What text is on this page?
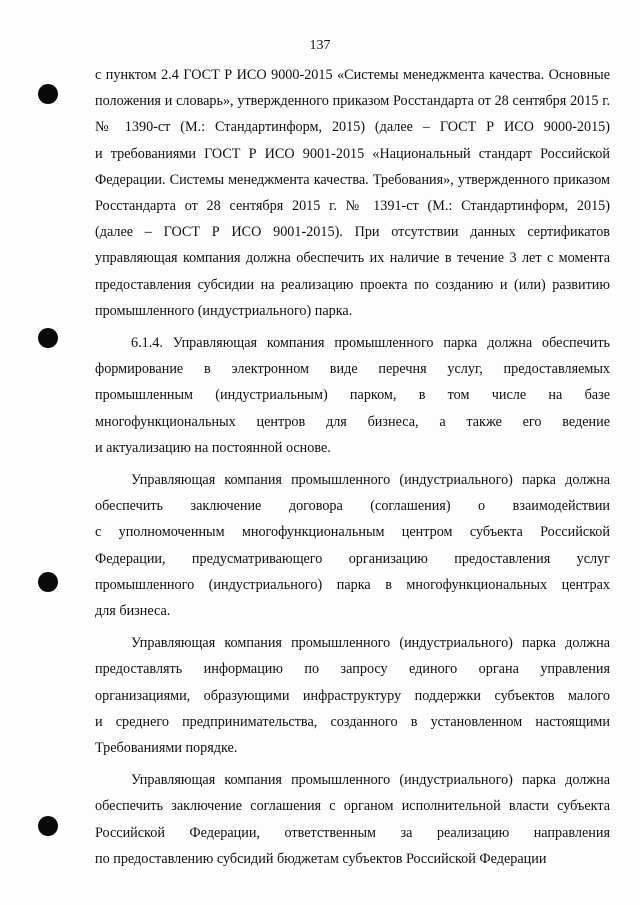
137

с пунктом 2.4 ГОСТ Р ИСО 9000-2015 «Системы менеджмента качества. Основные

положения и словарь», утвержденного приказом Росстандарта от 28 сентября 2015 г.

№ 1390-ст (М.: Стандартинформ, 2015) (далее – ГОСТ Р ИСО 9000-2015)

и требованиями ГОСТ Р ИСО 9001-2015 «Национальный стандарт Российской

Федерации. Системы менеджмента качества. Требования», утвержденного приказом

Росстандарта от 28 сентября 2015 г. № 1391-ст (М.: Стандартинформ, 2015)

(далее – ГОСТ Р ИСО 9001-2015). При отсутствии данных сертификатов

управляющая компания должна обеспечить их наличие в течение 3 лет с момента

предоставления субсидии на реализацию проекта по созданию и (или) развитию

промышленного (индустриального) парка.

6.1.4. Управляющая компания промышленного парка должна обеспечить

формирование в электронном виде перечня услуг, предоставляемых

промышленным (индустриальным) парком, в том числе на базе

многофункциональных центров для бизнеса, а также его ведение

и актуализацию на постоянной основе.

Управляющая компания промышленного (индустриального) парка должна

обеспечить заключение договора (соглашения) о взаимодействии

с уполномоченным многофункциональным центром субъекта Российской

Федерации, предусматривающего организацию предоставления услуг

промышленного (индустриального) парка в многофункциональных центрах

для бизнеса.

Управляющая компания промышленного (индустриального) парка должна

предоставлять информацию по запросу единого органа управления

организациями, образующими инфраструктуру поддержки субъектов малого

и среднего предпринимательства, созданного в установленном настоящими

Требованиями порядке.

Управляющая компания промышленного (индустриального) парка должна

обеспечить заключение соглашения с органом исполнительной власти субъекта

Российской Федерации, ответственным за реализацию направления

по предоставлению субсидий бюджетам субъектов Российской Федерации
